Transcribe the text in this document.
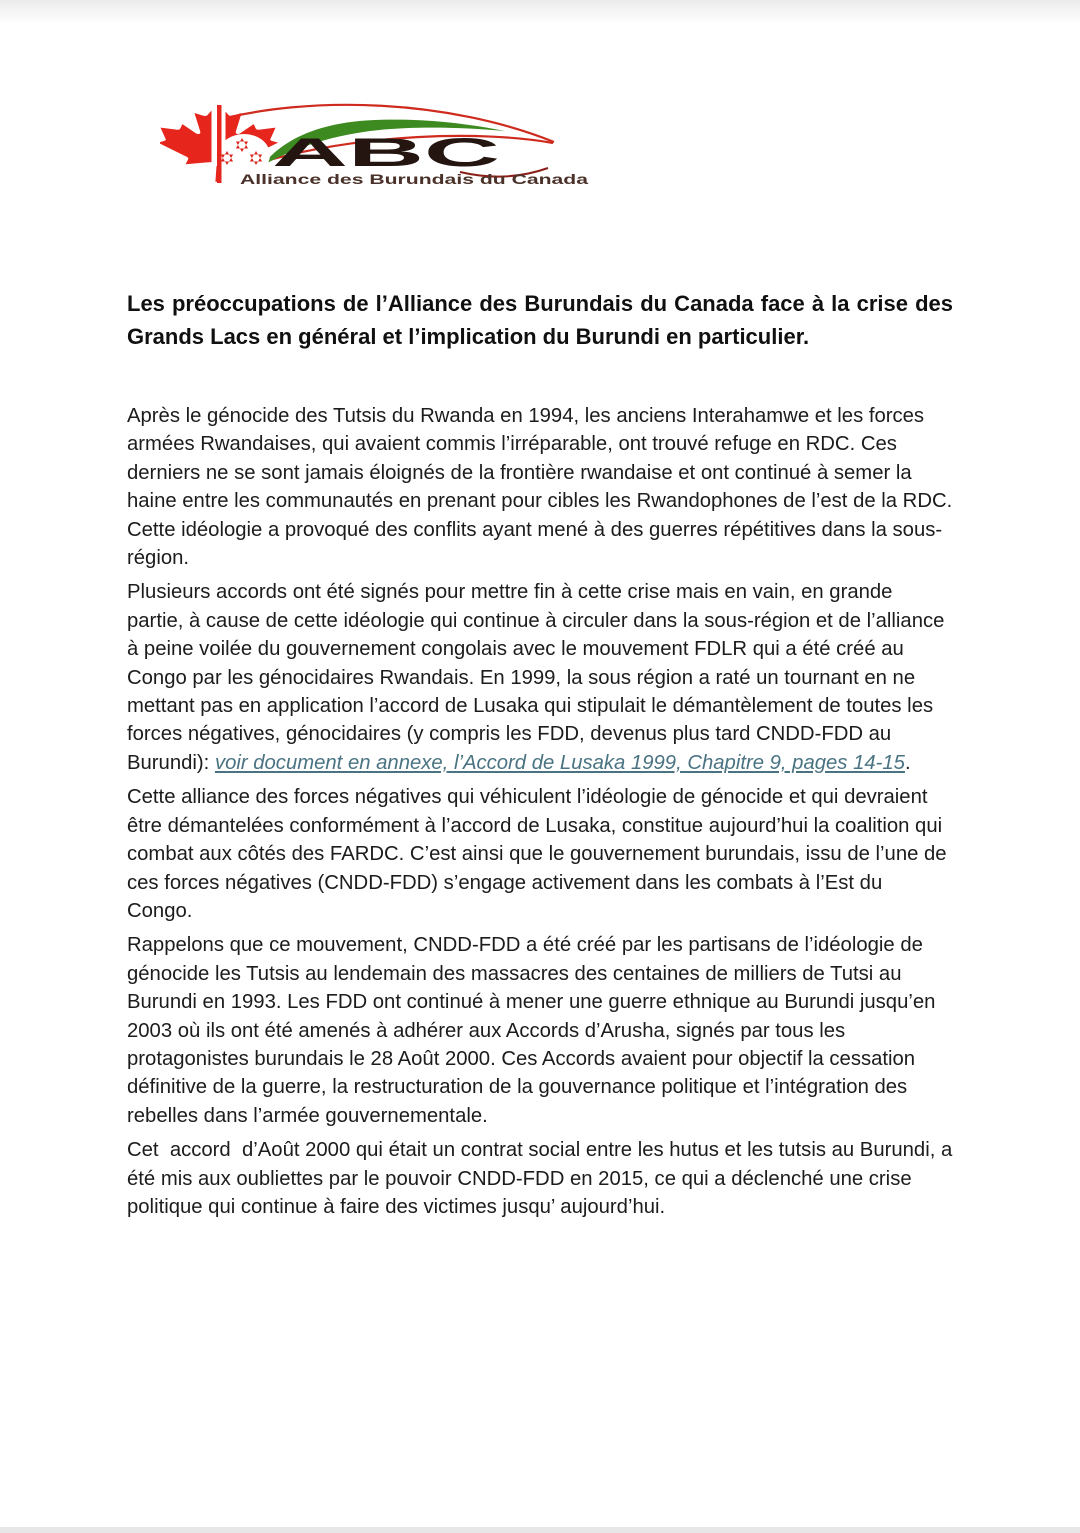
ABC
Alliance des Burundais du Canada
Les préoccupations de l’Alliance des Burundais du Canada face à la crise des Grands Lacs en général et l’implication du Burundi en particulier.

Après le génocide des Tutsis du Rwanda en 1994, les anciens Interahamwe et les forces armées Rwandaises, qui avaient commis l’irréparable, ont trouvé refuge en RDC. Ces derniers ne se sont jamais éloignés de la frontière rwandaise et ont continué à semer la haine entre les communautés en prenant pour cibles les Rwandophones de l’est de la RDC. Cette idéologie a provoqué des conflits ayant mené à des guerres répétitives dans la sous-région.

Plusieurs accords ont été signés pour mettre fin à cette crise mais en vain, en grande partie, à cause de cette idéologie qui continue à circuler dans la sous-région et de l’alliance à peine voilée du gouvernement congolais avec le mouvement FDLR qui a été créé au Congo par les génocidaires Rwandais. En 1999, la sous région a raté un tournant en ne mettant pas en application l’accord de Lusaka qui stipulait le démantèlement de toutes les forces négatives, génocidaires (y compris les FDD, devenus plus tard CNDD-FDD au Burundi): voir document en annexe, l’Accord de Lusaka 1999, Chapitre 9, pages 14-15.

Cette alliance des forces négatives qui véhiculent l’idéologie de génocide et qui devraient être démantelées conformément à l’accord de Lusaka, constitue aujourd’hui la coalition qui combat aux côtés des FARDC. C’est ainsi que le gouvernement burundais, issu de l’une de ces forces négatives (CNDD-FDD) s’engage activement dans les combats à l’Est du Congo.

Rappelons que ce mouvement, CNDD-FDD a été créé par les partisans de l’idéologie de génocide les Tutsis au lendemain des massacres des centaines de milliers de Tutsi au Burundi en 1993. Les FDD ont continué à mener une guerre ethnique au Burundi jusqu’en 2003 où ils ont été amenés à adhérer aux Accords d’Arusha, signés par tous les protagonistes burundais le 28 Août 2000. Ces Accords avaient pour objectif la cessation définitive de la guerre, la restructuration de la gouvernance politique et l’intégration des rebelles dans l’armée gouvernementale.

Cet  accord  d’Août 2000 qui était un contrat social entre les hutus et les tutsis au Burundi, a été mis aux oubliettes par le pouvoir CNDD-FDD en 2015, ce qui a déclenché une crise politique qui continue à faire des victimes jusqu’ aujourd’hui.
